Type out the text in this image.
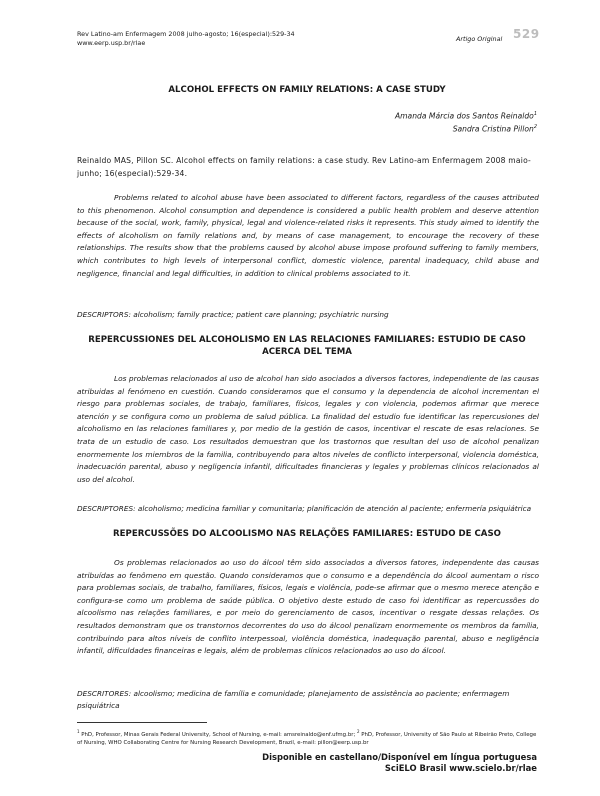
Rev Latino-am Enfermagem 2008 julho-agosto; 16(especial):529-34
www.eerp.usp.br/rlae	Artigo Original 529
ALCOHOL EFFECTS ON FAMILY RELATIONS: A CASE STUDY
Amanda Márcia dos Santos Reinaldo$^1$
Sandra Cristina Pillon$^2$
Reinaldo MAS, Pillon SC. Alcohol effects on family relations: a case study. Rev Latino-am Enfermagem 2008 maio-junho; 16(especial):529-34.
Problems related to alcohol abuse have been associated to different factors, regardless of the causes attributed to this phenomenon. Alcohol consumption and dependence is considered a public health problem and deserve attention because of the social, work, family, physical, legal and violence-related risks it represents. This study aimed to identify the effects of alcoholism on family relations and, by means of case management, to encourage the recovery of these relationships. The results show that the problems caused by alcohol abuse impose profound suffering to family members, which contributes to high levels of interpersonal conflict, domestic violence, parental inadequacy, child abuse and negligence, financial and legal difficulties, in addition to clinical problems associated to it.
DESCRIPTORS: alcoholism; family practice; patient care planning; psychiatric nursing
REPERCUSSIONES DEL ALCOHOLISMO EN LAS RELACIONES FAMILIARES: ESTUDIO DE CASO ACERCA DEL TEMA
Los problemas relacionados al uso de alcohol han sido asociados a diversos factores, independiente de las causas atribuidas al fenómeno en cuestión. Cuando consideramos que el consumo y la dependencia de alcohol incrementan el riesgo para problemas sociales, de trabajo, familiares, físicos, legales y con violencia, podemos afirmar que merece atención y se configura como un problema de salud pública. La finalidad del estudio fue identificar las repercusiones del alcoholismo en las relaciones familiares y, por medio de la gestión de casos, incentivar el rescate de esas relaciones. Se trata de un estudio de caso. Los resultados demuestran que los trastornos que resultan del uso de alcohol penalizan enormemente los miembros de la familia, contribuyendo para altos niveles de conflicto interpersonal, violencia doméstica, inadecuación parental, abuso y negligencia infantil, dificultades financieras y legales y problemas clínicos relacionados al uso del alcohol.
DESCRIPTORES: alcoholismo; medicina familiar y comunitaria; planificación de atención al paciente; enfermería psiquiátrica
REPERCUSSÕES DO ALCOOLISMO NAS RELAÇÕES FAMILIARES: ESTUDO DE CASO
Os problemas relacionados ao uso do álcool têm sido associados a diversos fatores, independente das causas atribuídas ao fenômeno em questão. Quando consideramos que o consumo e a dependência do álcool aumentam o risco para problemas sociais, de trabalho, familiares, físicos, legais e violência, pode-se afirmar que o mesmo merece atenção e configura-se como um problema de saúde pública. O objetivo deste estudo de caso foi identificar as repercussões do alcoolismo nas relações familiares, e por meio do gerenciamento de casos, incentivar o resgate dessas relações. Os resultados demonstram que os transtornos decorrentes do uso do álcool penalizam enormemente os membros da família, contribuindo para altos níveis de conflito interpessoal, violência doméstica, inadequação parental, abuso e negligência infantil, dificuldades financeiras e legais, além de problemas clínicos relacionados ao uso do álcool.
DESCRITORES: alcoolismo; medicina de família e comunidade; planejamento de assistência ao paciente; enfermagem psiquiátrica
$^1$ PhD, Professor, Minas Gerais Federal University, School of Nursing, e-mail: amsreinaldo@enf.ufmg.br; $^2$ PhD, Professor, University of São Paulo at Ribeirão Preto, College of Nursing, WHO Collaborating Centre for Nursing Research Development, Brazil, e-mail: pillon@eerp.usp.br
Disponible en castellano/Disponível em língua portuguesa
SciELO Brasil www.scielo.br/rlae
